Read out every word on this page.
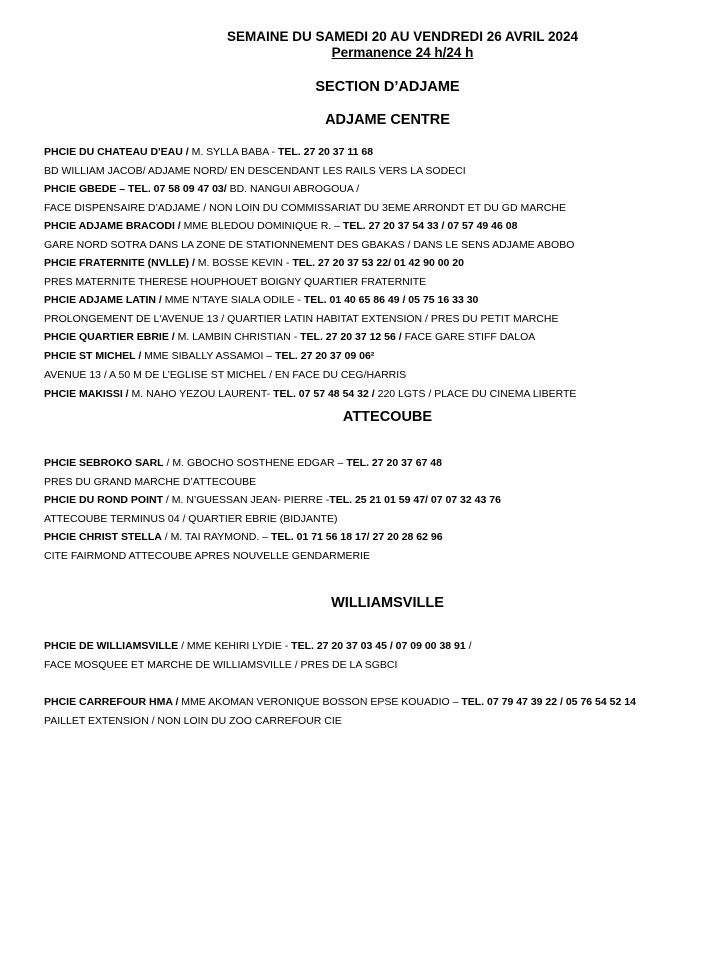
SEMAINE DU SAMEDI 20 AU VENDREDI 26 AVRIL 2024
Permanence 24 h/24 h
SECTION D’ADJAME
ADJAME CENTRE
PHCIE DU CHATEAU D'EAU / M. SYLLA BABA - TEL. 27 20 37 11 68
BD WILLIAM JACOB/ ADJAME NORD/ EN DESCENDANT LES RAILS VERS LA SODECI
PHCIE GBEDE – TEL. 07 58 09 47 03/ BD. NANGUI ABROGOUA /
FACE DISPENSAIRE D’ADJAME / NON LOIN DU COMMISSARIAT DU 3EME ARRONDT ET DU GD MARCHE
PHCIE ADJAME BRACODI / MME BLEDOU DOMINIQUE R. – TEL. 27 20 37 54 33 / 07 57 49 46 08
GARE NORD SOTRA DANS LA ZONE DE STATIONNEMENT DES GBAKAS / DANS LE SENS ADJAME ABOBO
PHCIE FRATERNITE (NVLLE) / M. BOSSE KEVIN - TEL. 27 20 37 53 22/ 01 42 90 00 20
PRES MATERNITE THERESE HOUPHOUET BOIGNY QUARTIER FRATERNITE
PHCIE ADJAME LATIN / MME N’TAYE SIALA ODILE - TEL. 01 40 65 86 49 / 05 75 16 33 30
PROLONGEMENT DE L'AVENUE 13 / QUARTIER LATIN HABITAT EXTENSION / PRES DU PETIT MARCHE
PHCIE QUARTIER EBRIE / M. LAMBIN CHRISTIAN - TEL. 27 20 37 12 56 / FACE GARE STIFF DALOA
PHCIE ST MICHEL / MME SIBALLY ASSAMOI – TEL. 27 20 37 09 06²
AVENUE 13 / A 50 M DE L’EGLISE ST MICHEL / EN FACE DU CEG/HARRIS
PHCIE MAKISSI / M. NAHO YEZOU LAURENT- TEL. 07 57 48 54 32 / 220 LGTS / PLACE DU CINEMA LIBERTE
ATTECOUBE
PHCIE SEBROKO SARL / M. GBOCHO SOSTHENE EDGAR – TEL. 27 20 37 67 48
PRES DU GRAND MARCHE D’ATTECOUBE
PHCIE DU ROND POINT / M. N’GUESSAN JEAN- PIERRE -TEL. 25 21 01 59 47/ 07 07 32 43 76
ATTECOUBE TERMINUS 04 / QUARTIER EBRIE (BIDJANTE)
PHCIE CHRIST STELLA / M. TAI RAYMOND. – TEL. 01 71 56 18 17/ 27 20 28 62 96
CITE FAIRMOND ATTECOUBE APRES NOUVELLE GENDARMERIE
WILLIAMSVILLE
PHCIE DE WILLIAMSVILLE / MME KEHIRI LYDIE - TEL. 27 20 37 03 45 / 07 09 00 38 91 /
FACE MOSQUEE ET MARCHE DE WILLIAMSVILLE / PRES DE LA SGBCI
PHCIE CARREFOUR HMA / MME AKOMAN VERONIQUE BOSSON EPSE KOUADIO – TEL. 07 79 47 39 22 / 05 76 54 52 14
PAILLET EXTENSION / NON LOIN DU ZOO CARREFOUR CIE
